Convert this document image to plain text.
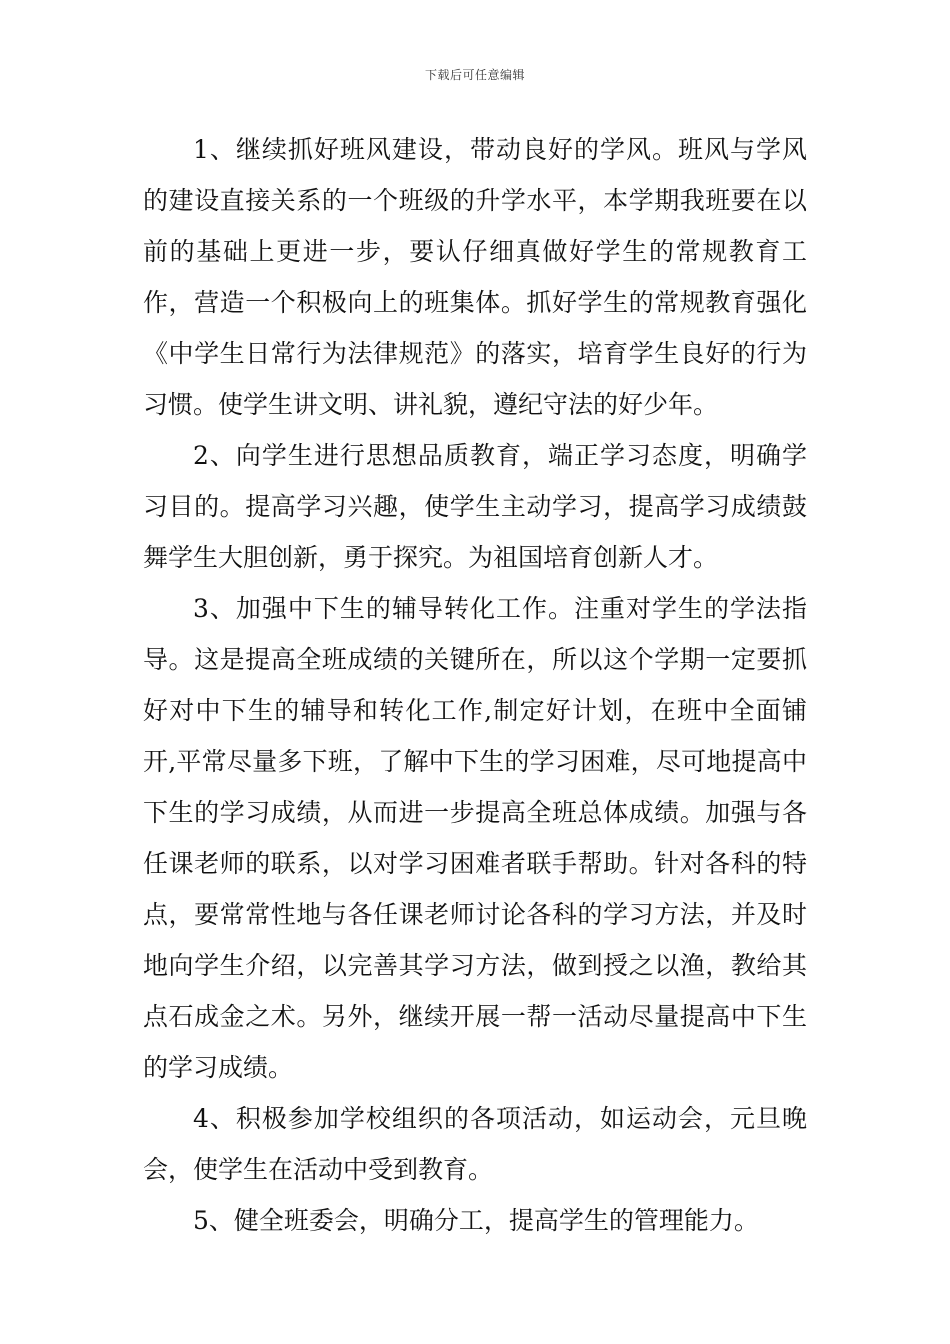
下载后可任意编辑

1、继续抓好班风建设，带动良好的学风。班风与学风的建设直接关系的一个班级的升学水平，本学期我班要在以前的基础上更进一步，要认仔细真做好学生的常规教育工作，营造一个积极向上的班集体。抓好学生的常规教育强化《中学生日常行为法律规范》的落实，培育学生良好的行为习惯。使学生讲文明、讲礼貌，遵纪守法的好少年。

2、向学生进行思想品质教育，端正学习态度，明确学习目的。提高学习兴趣，使学生主动学习，提高学习成绩鼓舞学生大胆创新，勇于探究。为祖国培育创新人才。

3、加强中下生的辅导转化工作。注重对学生的学法指导。这是提高全班成绩的关键所在，所以这个学期一定要抓好对中下生的辅导和转化工作,制定好计划，在班中全面铺开,平常尽量多下班，了解中下生的学习困难，尽可地提高中下生的学习成绩，从而进一步提高全班总体成绩。加强与各任课老师的联系，以对学习困难者联手帮助。针对各科的特点，要常常性地与各任课老师讨论各科的学习方法，并及时地向学生介绍，以完善其学习方法，做到授之以渔，教给其点石成金之术。另外，继续开展一帮一活动尽量提高中下生的学习成绩。

4、积极参加学校组织的各项活动，如运动会，元旦晚会，使学生在活动中受到教育。

5、健全班委会，明确分工，提高学生的管理能力。
